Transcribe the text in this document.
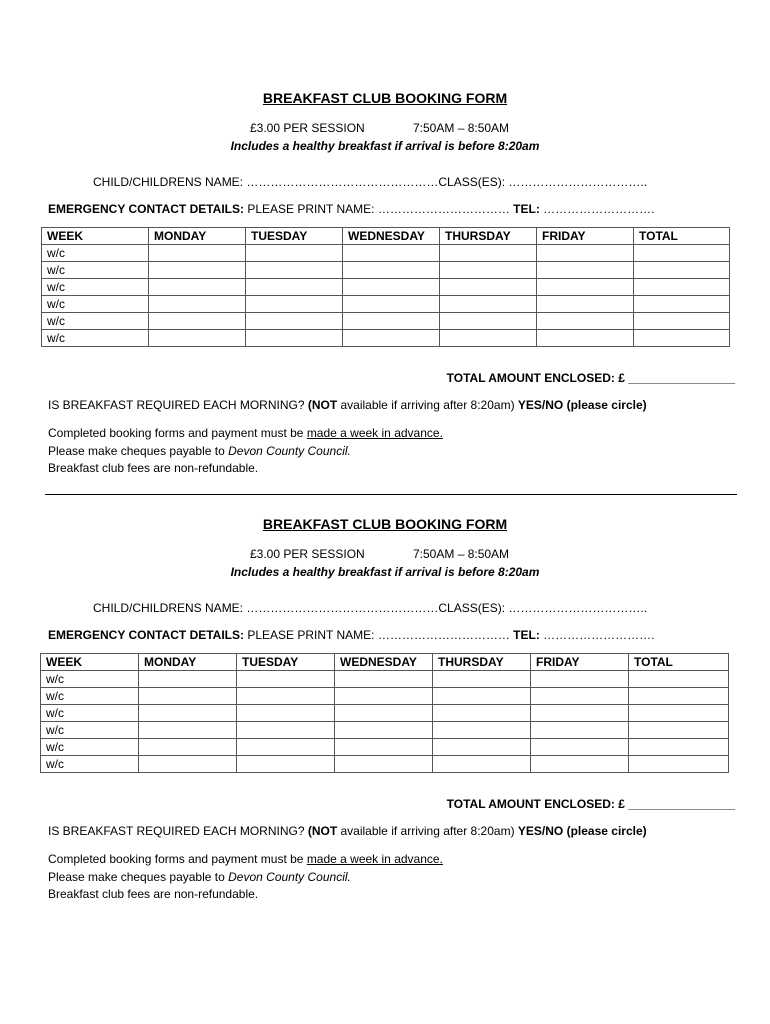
BREAKFAST CLUB BOOKING FORM
£3.00 PER SESSION	7:50AM – 8:50AM
Includes a healthy breakfast if arrival is before 8:20am
CHILD/CHILDRENS NAME: …………………………………………CLASS(ES): ……………………………..
EMERGENCY CONTACT DETAILS: PLEASE PRINT NAME: …………………………… TEL: ……………………….
WEEK	MONDAY	TUESDAY	WEDNESDAY	THURSDAY	FRIDAY	TOTAL
w/c						
w/c						
w/c						
w/c						
w/c						
w/c						
TOTAL AMOUNT ENCLOSED: £ ________________
IS BREAKFAST REQUIRED EACH MORNING? (NOT available if arriving after 8:20am) YES/NO (please circle)
Completed booking forms and payment must be made a week in advance.
Please make cheques payable to Devon County Council.
Breakfast club fees are non-refundable.
BREAKFAST CLUB BOOKING FORM
£3.00 PER SESSION	7:50AM – 8:50AM
Includes a healthy breakfast if arrival is before 8:20am
CHILD/CHILDRENS NAME: …………………………………………CLASS(ES): ……………………………..
EMERGENCY CONTACT DETAILS: PLEASE PRINT NAME: …………………………… TEL: ……………………….
WEEK	MONDAY	TUESDAY	WEDNESDAY	THURSDAY	FRIDAY	TOTAL
w/c						
w/c						
w/c						
w/c						
w/c						
w/c						
TOTAL AMOUNT ENCLOSED: £ ________________
IS BREAKFAST REQUIRED EACH MORNING? (NOT available if arriving after 8:20am) YES/NO (please circle)
Completed booking forms and payment must be made a week in advance.
Please make cheques payable to Devon County Council.
Breakfast club fees are non-refundable.
